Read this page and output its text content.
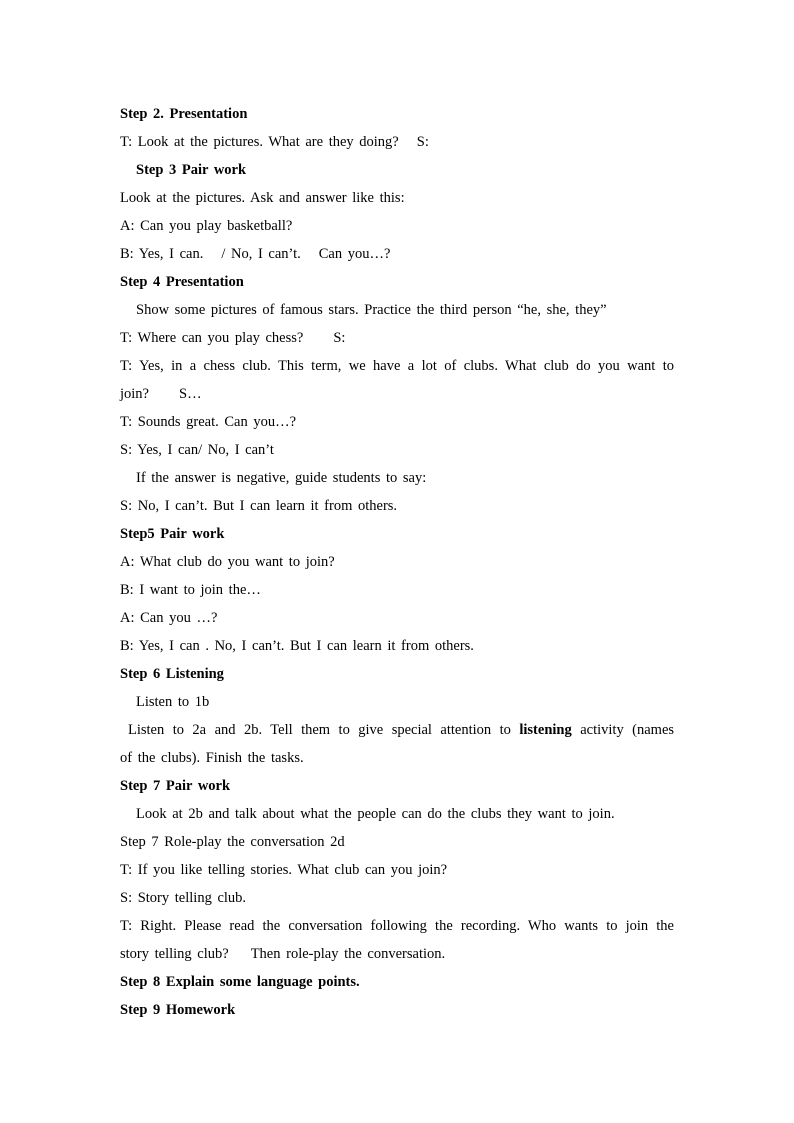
Step 2. Presentation
T: Look at the pictures. What are they doing? S:
Step 3 Pair work
Look at the pictures. Ask and answer like this:
A: Can you play basketball?
B: Yes, I can. / No, I can’t. Can you…?
Step 4 Presentation
Show some pictures of famous stars. Practice the third person “he, she, they”
T: Where can you play chess? S:
T: Yes, in a chess club. This term, we have a lot of clubs. What club do you want to
join? S…
T: Sounds great. Can you…?
S: Yes, I can/ No, I can’t
If the answer is negative, guide students to say:
S: No, I can’t. But I can learn it from others.
Step5 Pair work
A: What club do you want to join?
B: I want to join the…
A: Can you …?
B: Yes, I can . No, I can’t. But I can learn it from others.
Step 6 Listening
Listen to 1b
Listen to 2a and 2b. Tell them to give special attention to listening activity (names
of the clubs). Finish the tasks.
Step 7 Pair work
Look at 2b and talk about what the people can do the clubs they want to join.
Step 7 Role-play the conversation 2d
T: If you like telling stories. What club can you join?
S: Story telling club.
T: Right. Please read the conversation following the recording. Who wants to join the
story telling club? Then role-play the conversation.
Step 8 Explain some language points.
Step 9 Homework
